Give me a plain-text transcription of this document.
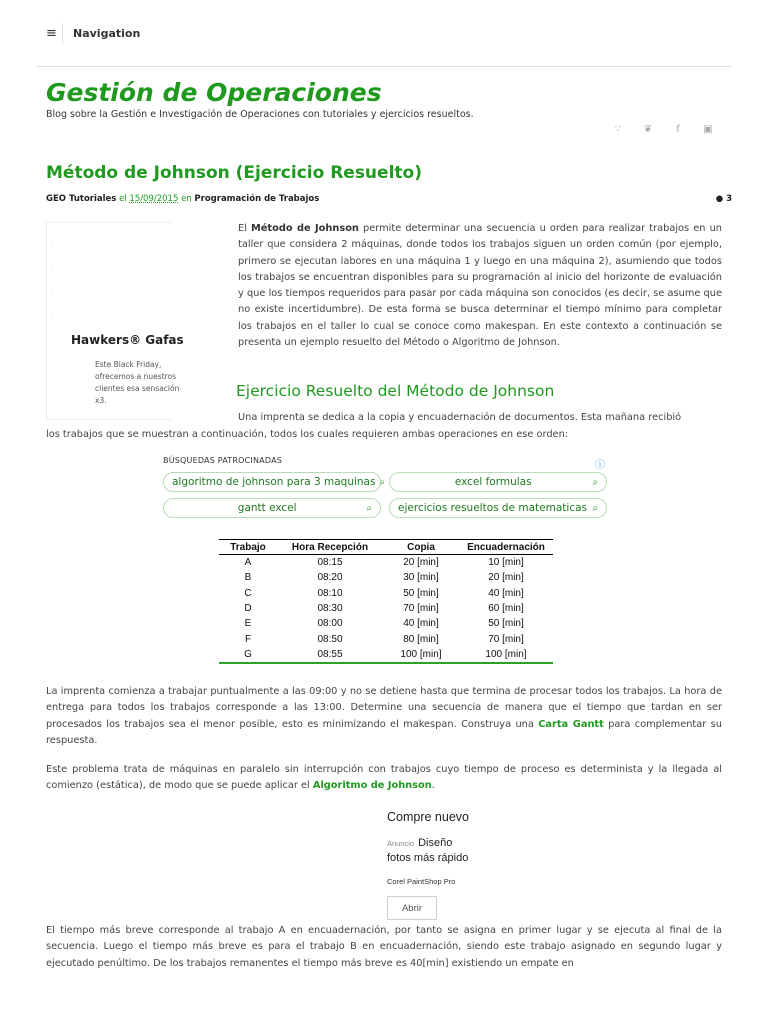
≡	Navigation
Gestión de Operaciones
Blog sobre la Gestión e Investigación de Operaciones con tutoriales y ejercicios resueltos.
∵ ❦	f	▣
Método de Johnson (Ejercicio Resuelto)
GEO Tutoriales el 15/09/2015 en Programación de Trabajos	● 3
·
·
·
·
Hawkers® Gafas
Este Black Friday,
ofrecemos a nuestros
clientes esa sensación
x3.
El Método de Johnson permite determinar una secuencia u orden para realizar trabajos en un taller que considera 2 máquinas, donde todos los trabajos siguen un orden común (por ejemplo, primero se ejecutan labores en una máquina 1 y luego en una máquina 2), asumiendo que todos los trabajos se encuentran disponibles para su programación al inicio del horizonte de evaluación y que los tiempos requeridos para pasar por cada máquina son conocidos (es decir, se asume que no existe incertidumbre). De esta forma se busca determinar el tiempo mínimo para completar los trabajos en el taller lo cual se conoce como makespan. En este contexto a continuación se presenta un ejemplo resuelto del Método o Algoritmo de Johnson.
Ejercicio Resuelto del Método de Johnson
Una imprenta se dedica a la copia y encuadernación de documentos. Esta mañana recibió
los trabajos que se muestran a continuación, todos los cuales requieren ambas operaciones en ese orden:
BÚSQUEDAS PATROCINADAS	ⓘ
algoritmo de johnson para 3 maquinas ⌕	excel formulas	⌕
gantt excel	⌕ ejercicios resueltos de matematicas ⌕
Trabajo	Hora Recepción	Copia	Encuadernación
A	08:15	20 [min]	10 [min]
B	08:20	30 [min]	20 [min]
C	08:10	50 [min]	40 [min]
D	08:30	70 [min]	60 [min]
E	08:00	40 [min]	50 [min]
F	08:50	80 [min]	70 [min]
G	08:55	100 [min]	100 [min]
La imprenta comienza a trabajar puntualmente a las 09:00 y no se detiene hasta que termina de procesar todos los trabajos. La hora de entrega para todos los trabajos corresponde a las 13:00. Determine una secuencia de manera que el tiempo que tardan en ser procesados los trabajos sea el menor posible, esto es minimizando el makespan. Construya una Carta Gantt para complementar su respuesta.
Este problema trata de máquinas en paralelo sin interrupción con trabajos cuyo tiempo de proceso es determinista y la llegada al comienzo (estática), de modo que se puede aplicar el Algoritmo de Johnson.
Compre nuevo
Anuncio Diseño
fotos más rápido
Corel PaintShop Pro
Abrir
El tiempo más breve corresponde al trabajo A en encuadernación, por tanto se asigna en primer lugar y se ejecuta al final de la secuencia. Luego el tiempo más breve es para el trabajo B en encuadernación, siendo este trabajo asignado en segundo lugar y ejecutado penúltimo. De los trabajos remanentes el tiempo más breve es 40[min] existiendo un empate en
